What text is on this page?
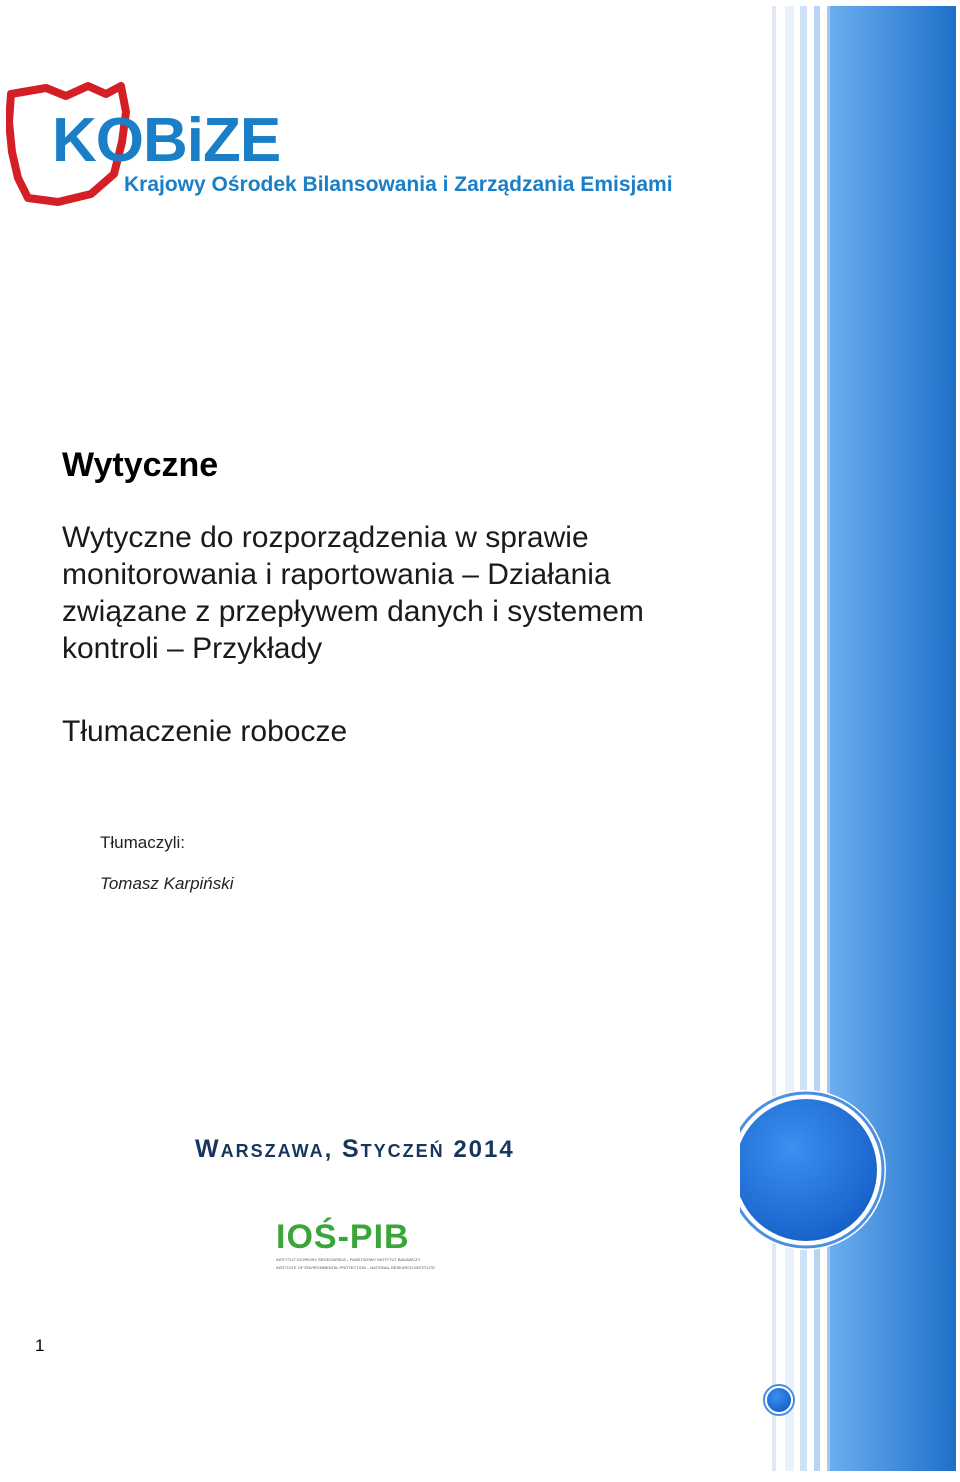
KOBiZE
Krajowy Ośrodek Bilansowania i Zarządzania Emisjami
Wytyczne
Wytyczne do rozporządzenia w sprawie monitorowania i raportowania – Działania związane z przepływem danych i systemem kontroli – Przykłady
Tłumaczenie robocze
Tłumaczyli:
Tomasz Karpiński
WARSZAWA, STYCZEŃ 2014
IOŚ-PIB
INSTYTUT OCHRONY ŚRODOWISKA – PAŃSTWOWY INSTYTUT BADAWCZY
INSTITUTE OF ENVIRONMENTAL PROTECTION – NATIONAL RESEARCH INSTITUTE
1
